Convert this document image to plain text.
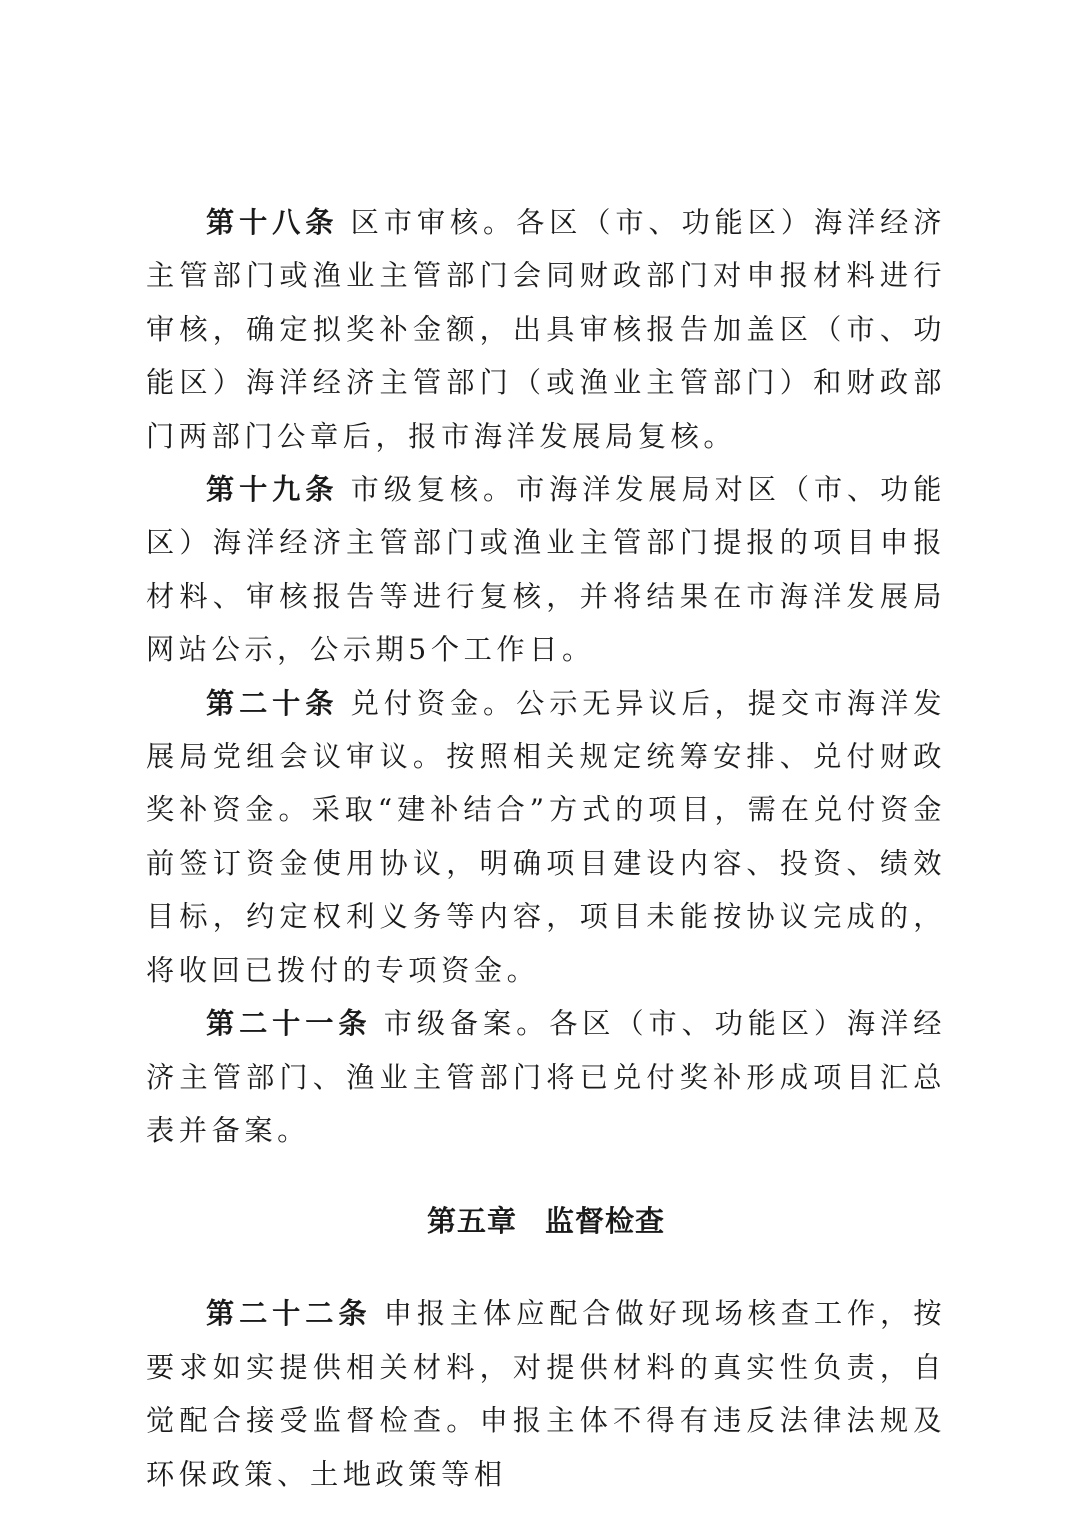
第十八条 区市审核。各区（市、功能区）海洋经济主管部门或渔业主管部门会同财政部门对申报材料进行审核，确定拟奖补金额，出具审核报告加盖区（市、功能区）海洋经济主管部门（或渔业主管部门）和财政部门两部门公章后，报市海洋发展局复核。

第十九条 市级复核。市海洋发展局对区（市、功能区）海洋经济主管部门或渔业主管部门提报的项目申报材料、审核报告等进行复核，并将结果在市海洋发展局网站公示，公示期5个工作日。

第二十条 兑付资金。公示无异议后，提交市海洋发展局党组会议审议。按照相关规定统筹安排、兑付财政奖补资金。采取“建补结合”方式的项目，需在兑付资金前签订资金使用协议，明确项目建设内容、投资、绩效目标，约定权利义务等内容，项目未能按协议完成的，将收回已拨付的专项资金。

第二十一条 市级备案。各区（市、功能区）海洋经济主管部门、渔业主管部门将已兑付奖补形成项目汇总表并备案。

第五章 监督检查

第二十二条 申报主体应配合做好现场核查工作，按要求如实提供相关材料，对提供材料的真实性负责，自觉配合接受监督检查。申报主体不得有违反法律法规及环保政策、土地政策等相
